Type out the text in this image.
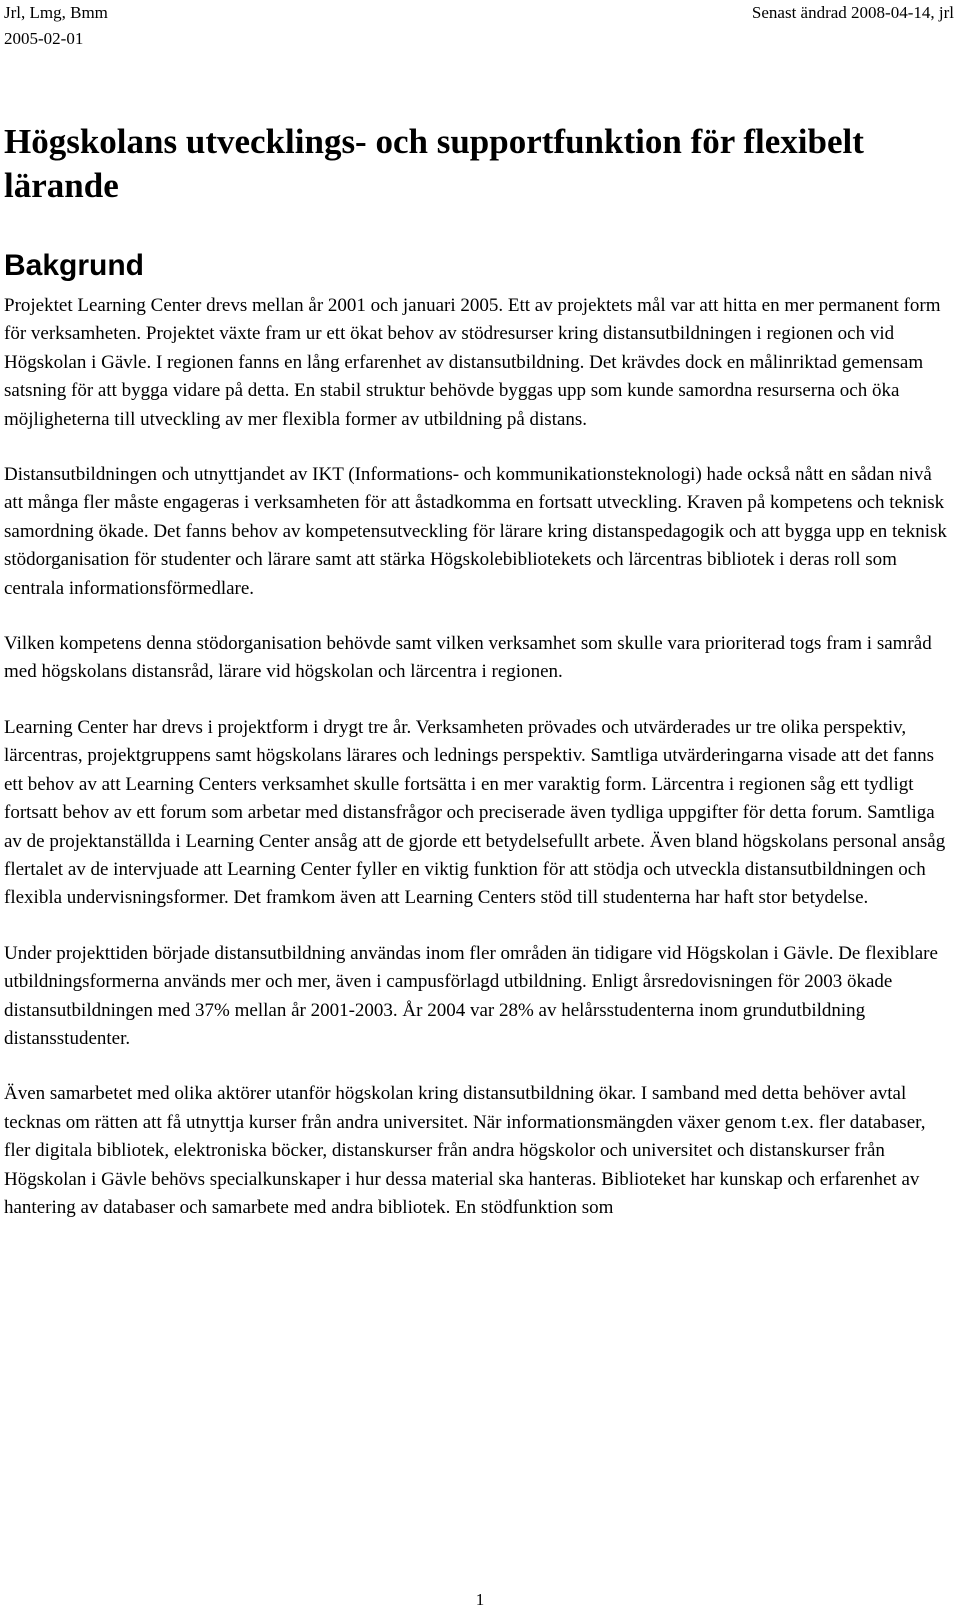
Jrl, Lmg, Bmm
2005-02-01
Senast ändrad 2008-04-14, jrl
Högskolans utvecklings- och supportfunktion för flexibelt lärande
Bakgrund

Projektet Learning Center drevs mellan år 2001 och januari 2005. Ett av projektets mål var att hitta en mer permanent form för verksamheten. Projektet växte fram ur ett ökat behov av stödresurser kring distansutbildningen i regionen och vid Högskolan i Gävle. I regionen fanns en lång erfarenhet av distansutbildning. Det krävdes dock en målinriktad gemensam satsning för att bygga vidare på detta. En stabil struktur behövde byggas upp som kunde samordna resurserna och öka möjligheterna till utveckling av mer flexibla former av utbildning på distans.

Distansutbildningen och utnyttjandet av IKT (Informations- och kommunikationsteknologi) hade också nått en sådan nivå att många fler måste engageras i verksamheten för att åstadkomma en fortsatt utveckling. Kraven på kompetens och teknisk samordning ökade. Det fanns behov av kompetensutveckling för lärare kring distanspedagogik och att bygga upp en teknisk stödorganisation för studenter och lärare samt att stärka Högskolebibliotekets och lärcentras bibliotek i deras roll som centrala informationsförmedlare.

Vilken kompetens denna stödorganisation behövde samt vilken verksamhet som skulle vara prioriterad togs fram i samråd med högskolans distansråd, lärare vid högskolan och lärcentra i regionen.

Learning Center har drevs i projektform i drygt tre år. Verksamheten prövades och utvärderades ur tre olika perspektiv, lärcentras, projektgruppens samt högskolans lärares och lednings perspektiv. Samtliga utvärderingarna visade att det fanns ett behov av att Learning Centers verksamhet skulle fortsätta i en mer varaktig form. Lärcentra i regionen såg ett tydligt fortsatt behov av ett forum som arbetar med distansfrågor och preciserade även tydliga uppgifter för detta forum. Samtliga av de projektanställda i Learning Center ansåg att de gjorde ett betydelsefullt arbete. Även bland högskolans personal ansåg flertalet av de intervjuade att Learning Center fyller en viktig funktion för att stödja och utveckla distansutbildningen och flexibla undervisningsformer. Det framkom även att Learning Centers stöd till studenterna har haft stor betydelse.

Under projekttiden började distansutbildning användas inom fler områden än tidigare vid Högskolan i Gävle. De flexiblare utbildningsformerna används mer och mer, även i campusförlagd utbildning. Enligt årsredovisningen för 2003 ökade distansutbildningen med 37% mellan år 2001-2003. År 2004 var 28% av helårsstudenterna inom grundutbildning distansstudenter.

Även samarbetet med olika aktörer utanför högskolan kring distansutbildning ökar. I samband med detta behöver avtal tecknas om rätten att få utnyttja kurser från andra universitet. När informationsmängden växer genom t.ex. fler databaser, fler digitala bibliotek, elektroniska böcker, distanskurser från andra högskolor och universitet och distanskurser från Högskolan i Gävle behövs specialkunskaper i hur dessa material ska hanteras. Biblioteket har kunskap och erfarenhet av hantering av databaser och samarbete med andra bibliotek. En stödfunktion som

1
